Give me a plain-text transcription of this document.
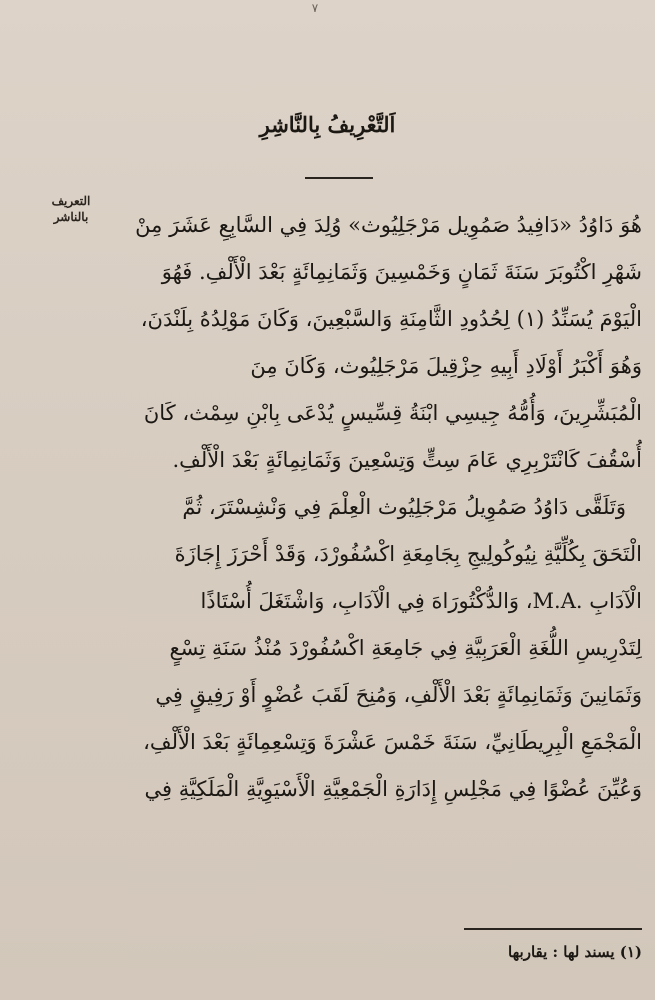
٧
اَلتَّعْرِيفُ بِالنَّاشِرِ
التعريف بالناشر	هُوَ دَاوُدُ «دَافِيدُ صَمُوِيل مَرْجَلِيُوث» وُلِدَ فِي السَّابِعِ عَشَرَ مِنْ
شَهْرِ اكْتُوبَرَ سَنَةَ ثَمَانٍ وَخَمْسِينَ وَثَمَانِمِائَةٍ بَعْدَ الْأَلْفِ. فَهُوَ
الْيَوْمَ يُسَنِّدُ (١) لِحُدُودِ الثَّامِنَةِ وَالسَّبْعِينَ، وَكَانَ مَوْلِدُهُ بِلَنْدَنَ،
وَهُوَ أَكْبَرُ أَوْلَادِ أَبِيهِ حِزْقِيلَ مَرْجَلِيُوث، وَكَانَ مِنَ
الْمُبَشِّرِينَ، وَأُمُّهُ جِيسِي ابْنَةُ قِسِّيسٍ يُدْعَى بِابْنِ سِمْث، كَانَ
أُسْقُفَ كَانْتَرْبِرِي عَامَ سِتٍّ وَتِسْعِينَ وَثَمَانِمِائَةٍ بَعْدَ الْأَلْفِ.
وَتَلَقَّى دَاوُدُ صَمُوِيلُ مَرْجَلِيُوث الْعِلْمَ فِي وَنْشِسْتَرَ، ثُمَّ
الْتَحَقَ بِكُلِّيَّةِ نِيُوكُولِيجِ بِجَامِعَةِ اكْسُفُورْدَ، وَقَدْ أَحْرَزَ إِجَازَةَ
الْآدَابِ .M.A، وَالدُّكْتُورَاهَ فِي الْآدَابِ، وَاشْتَغَلَ أُسْتَاذًا
لِتَدْرِيسِ اللُّغَةِ الْعَرَبِيَّةِ فِي جَامِعَةِ اكْسُفُورْدَ مُنْذُ سَنَةِ تِسْعٍ
وَثَمَانِينَ وَثَمَانِمِائَةٍ بَعْدَ الْأَلْفِ، وَمُنِحَ لَقَبَ عُضْوٍ أَوْ رَفِيقٍ فِي
الْمَجْمَعِ الْبِرِيطَانِيِّ، سَنَةَ خَمْسَ عَشْرَةَ وَتِسْعِمِائَةٍ بَعْدَ الْأَلْفِ،
وَعُيِّنَ عُضْوًا فِي مَجْلِسِ إِدَارَةِ الْجَمْعِيَّةِ الْأَسْيَوِيَّةِ الْمَلَكِيَّةِ فِي
(١) يسند لها : يقاربها
